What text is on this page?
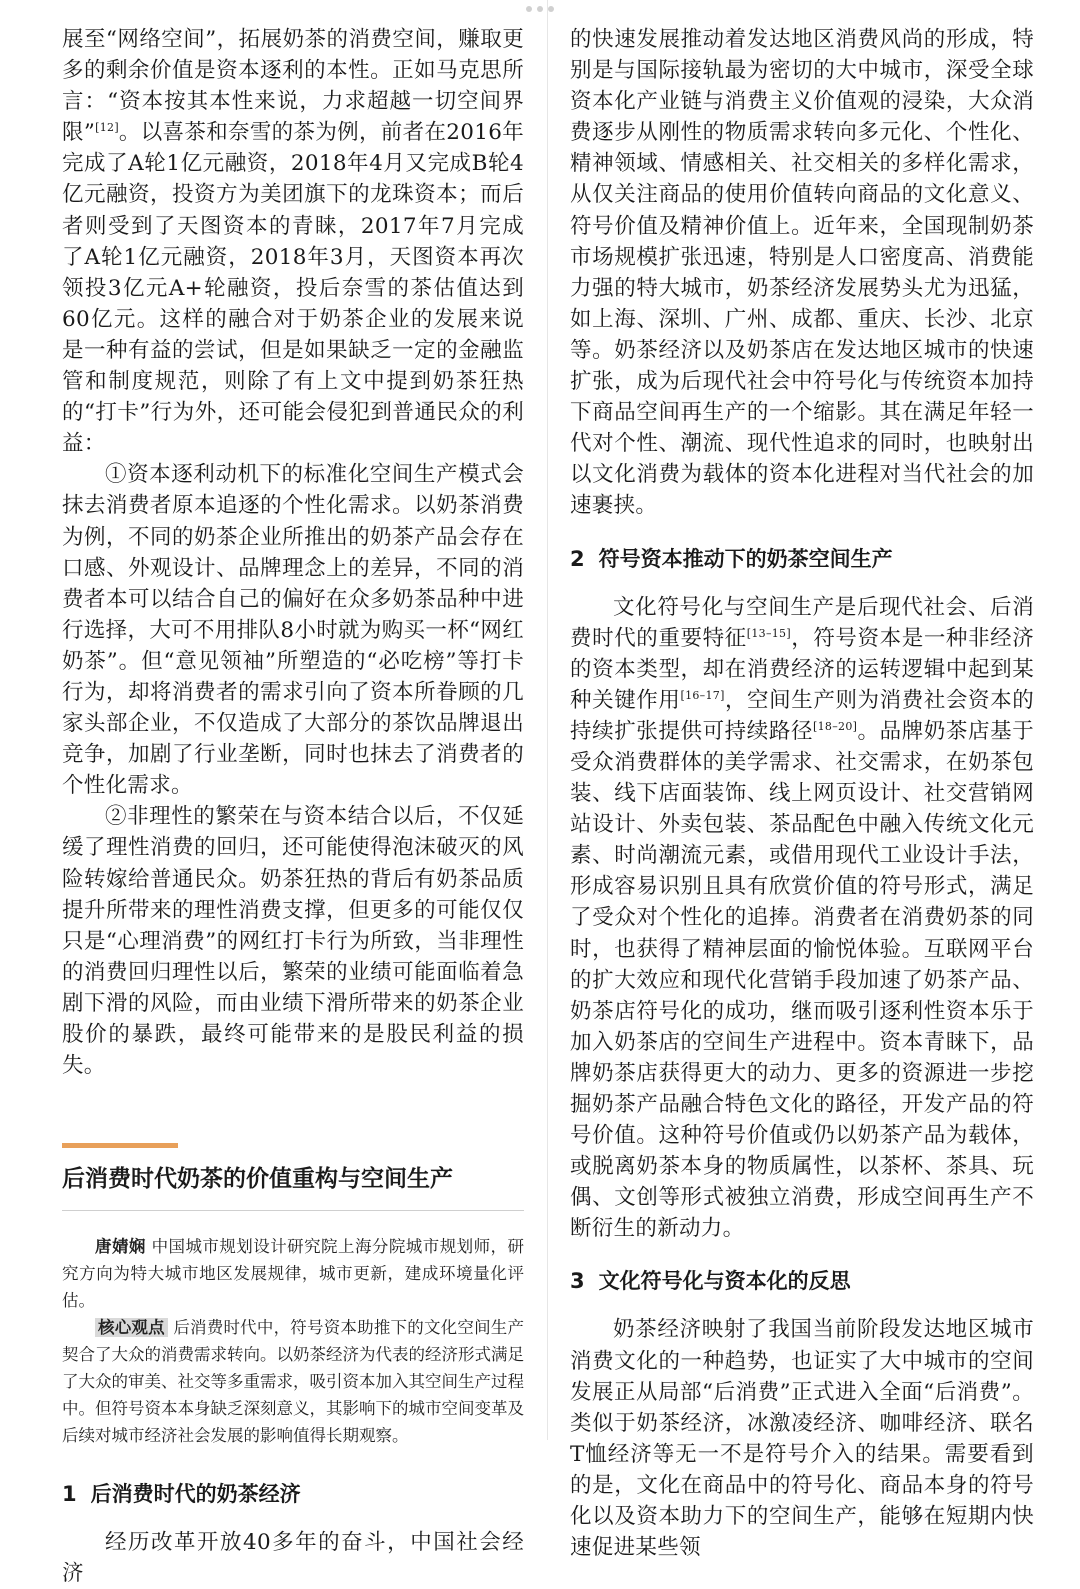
展至“网络空间”，拓展奶茶的消费空间，赚取更多的剩余价值是资本逐利的本性。正如马克思所言：“资本按其本性来说，力求超越一切空间界限”[12]。以喜茶和奈雪的茶为例，前者在2016年完成了A轮1亿元融资，2018年4月又完成B轮4亿元融资，投资方为美团旗下的龙珠资本；而后者则受到了天图资本的青睐，2017年7月完成了A轮1亿元融资，2018年3月，天图资本再次领投3亿元A+轮融资，投后奈雪的茶估值达到60亿元。这样的融合对于奶茶企业的发展来说是一种有益的尝试，但是如果缺乏一定的金融监管和制度规范，则除了有上文中提到奶茶狂热的“打卡”行为外，还可能会侵犯到普通民众的利益：

①资本逐利动机下的标准化空间生产模式会抹去消费者原本追逐的个性化需求。以奶茶消费为例，不同的奶茶企业所推出的奶茶产品会存在口感、外观设计、品牌理念上的差异，不同的消费者本可以结合自己的偏好在众多奶茶品种中进行选择，大可不用排队8小时就为购买一杯“网红奶茶”。但“意见领袖”所塑造的“必吃榜”等打卡行为，却将消费者的需求引向了资本所眷顾的几家头部企业，不仅造成了大部分的茶饮品牌退出竞争，加剧了行业垄断，同时也抹去了消费者的个性化需求。

②非理性的繁荣在与资本结合以后，不仅延缓了理性消费的回归，还可能使得泡沫破灭的风险转嫁给普通民众。奶茶狂热的背后有奶茶品质提升所带来的理性消费支撑，但更多的可能仅仅只是“心理消费”的网红打卡行为所致，当非理性的消费回归理性以后，繁荣的业绩可能面临着急剧下滑的风险，而由业绩下滑所带来的奶茶企业股价的暴跌，最终可能带来的是股民利益的损失。

后消费时代奶茶的价值重构与空间生产

唐婧娴 中国城市规划设计研究院上海分院城市规划师，研究方向为特大城市地区发展规律，城市更新，建成环境量化评估。

核心观点 后消费时代中，符号资本助推下的文化空间生产契合了大众的消费需求转向。以奶茶经济为代表的经济形式满足了大众的审美、社交等多重需求，吸引资本加入其空间生产过程中。但符号资本本身缺乏深刻意义，其影响下的城市空间变革及后续对城市经济社会发展的影响值得长期观察。

1 后消费时代的奶茶经济

经历改革开放40多年的奋斗，中国社会经济

的快速发展推动着发达地区消费风尚的形成，特别是与国际接轨最为密切的大中城市，深受全球资本化产业链与消费主义价值观的浸染，大众消费逐步从刚性的物质需求转向多元化、个性化、精神领域、情感相关、社交相关的多样化需求，从仅关注商品的使用价值转向商品的文化意义、符号价值及精神价值上。近年来，全国现制奶茶市场规模扩张迅速，特别是人口密度高、消费能力强的特大城市，奶茶经济发展势头尤为迅猛，如上海、深圳、广州、成都、重庆、长沙、北京等。奶茶经济以及奶茶店在发达地区城市的快速扩张，成为后现代社会中符号化与传统资本加持下商品空间再生产的一个缩影。其在满足年轻一代对个性、潮流、现代性追求的同时，也映射出以文化消费为载体的资本化进程对当代社会的加速裹挟。

2 符号资本推动下的奶茶空间生产

文化符号化与空间生产是后现代社会、后消费时代的重要特征[13–15]，符号资本是一种非经济的资本类型，却在消费经济的运转逻辑中起到某种关键作用[16–17]，空间生产则为消费社会资本的持续扩张提供可持续路径[18–20]。品牌奶茶店基于受众消费群体的美学需求、社交需求，在奶茶包装、线下店面装饰、线上网页设计、社交营销网站设计、外卖包装、茶品配色中融入传统文化元素、时尚潮流元素，或借用现代工业设计手法，形成容易识别且具有欣赏价值的符号形式，满足了受众对个性化的追捧。消费者在消费奶茶的同时，也获得了精神层面的愉悦体验。互联网平台的扩大效应和现代化营销手段加速了奶茶产品、奶茶店符号化的成功，继而吸引逐利性资本乐于加入奶茶店的空间生产进程中。资本青睐下，品牌奶茶店获得更大的动力、更多的资源进一步挖掘奶茶产品融合特色文化的路径，开发产品的符号价值。这种符号价值或仍以奶茶产品为载体，或脱离奶茶本身的物质属性，以茶杯、茶具、玩偶、文创等形式被独立消费，形成空间再生产不断衍生的新动力。

3 文化符号化与资本化的反思

奶茶经济映射了我国当前阶段发达地区城市消费文化的一种趋势，也证实了大中城市的空间发展正从局部“后消费”正式进入全面“后消费”。类似于奶茶经济，冰激凌经济、咖啡经济、联名T恤经济等无一不是符号介入的结果。需要看到的是，文化在商品中的符号化、商品本身的符号化以及资本助力下的空间生产，能够在短期内快速促进某些领
